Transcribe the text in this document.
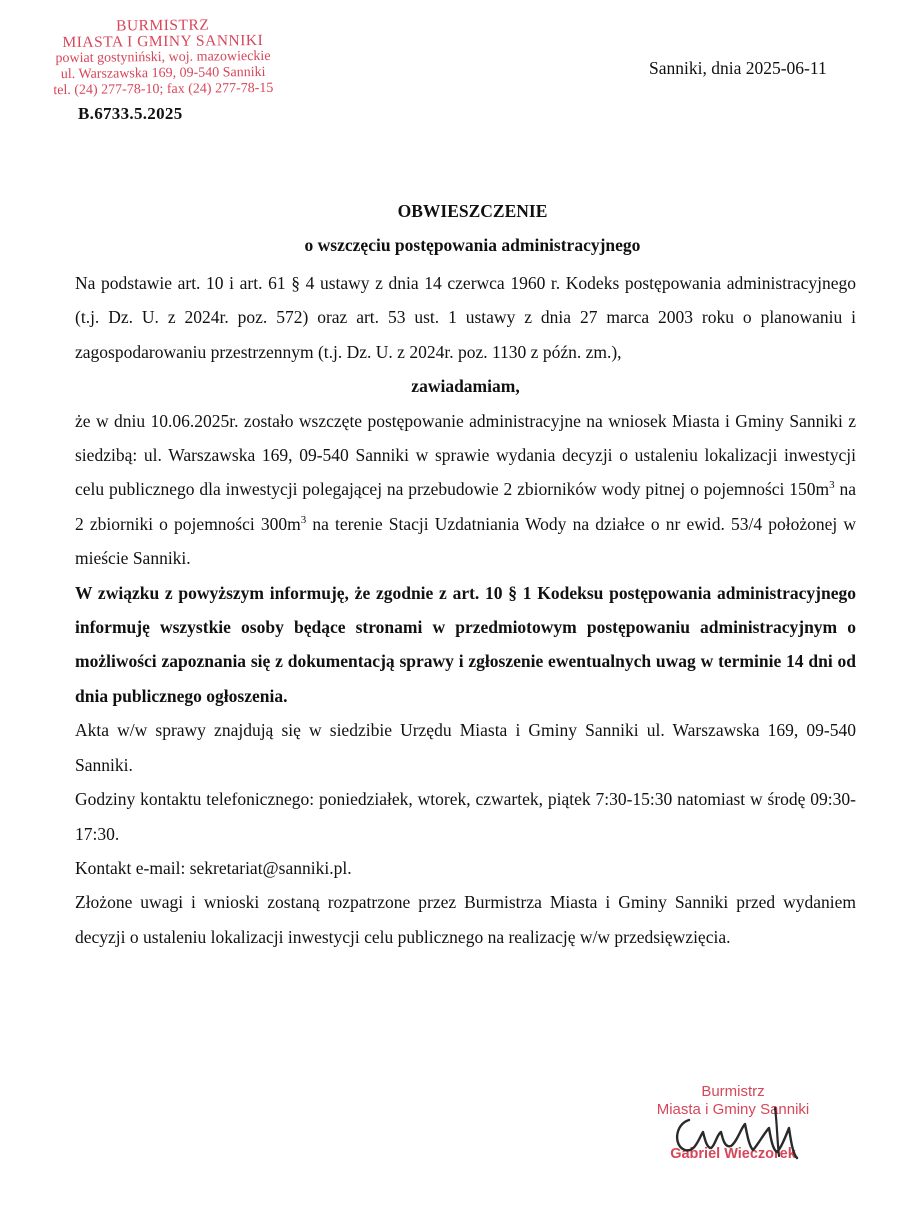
BURMISTRZ
MIASTA I GMINY SANNIKI
powiat gostyniński, woj. mazowieckie
ul. Warszawska 169, 09-540 Sanniki
tel. (24) 277-78-10; fax (24) 277-78-15
B.6733.5.2025
Sanniki, dnia 2025-06-11
OBWIESZCZENIE
o wszczęciu postępowania administracyjnego

Na podstawie art. 10 i art. 61 § 4 ustawy z dnia 14 czerwca 1960 r. Kodeks postępowania administracyjnego (t.j. Dz. U. z 2024r. poz. 572) oraz art. 53 ust. 1 ustawy z dnia 27 marca 2003 roku o planowaniu i zagospodarowaniu przestrzennym (t.j. Dz. U. z 2024r. poz. 1130 z późn. zm.),

zawiadamiam,

że w dniu 10.06.2025r. zostało wszczęte postępowanie administracyjne na wniosek Miasta i Gminy Sanniki z siedzibą: ul. Warszawska 169, 09-540 Sanniki w sprawie wydania decyzji o ustaleniu lokalizacji inwestycji celu publicznego dla inwestycji polegającej na przebudowie 2 zbiorników wody pitnej o pojemności $150m^3$ na 2 zbiorniki o pojemności $300m^3$ na terenie Stacji Uzdatniania Wody na działce o nr ewid. 53/4 położonej w mieście Sanniki.

W związku z powyższym informuję, że zgodnie z art. 10 § 1 Kodeksu postępowania administracyjnego informuję wszystkie osoby będące stronami w przedmiotowym postępowaniu administracyjnym o możliwości zapoznania się z dokumentacją sprawy i zgłoszenie ewentualnych uwag w terminie 14 dni od dnia publicznego ogłoszenia.

Akta w/w sprawy znajdują się w siedzibie Urzędu Miasta i Gminy Sanniki ul. Warszawska 169, 09-540 Sanniki.

Godziny kontaktu telefonicznego: poniedziałek, wtorek, czwartek, piątek 7:30-15:30 natomiast w środę 09:30-17:30.

Kontakt e-mail: sekretariat@sanniki.pl.

Złożone uwagi i wnioski zostaną rozpatrzone przez Burmistrza Miasta i Gminy Sanniki przed wydaniem decyzji o ustaleniu lokalizacji inwestycji celu publicznego na realizację w/w przedsięwzięcia.

Burmistrz
Miasta i Gminy Sanniki
Gabriel Wieczorek
